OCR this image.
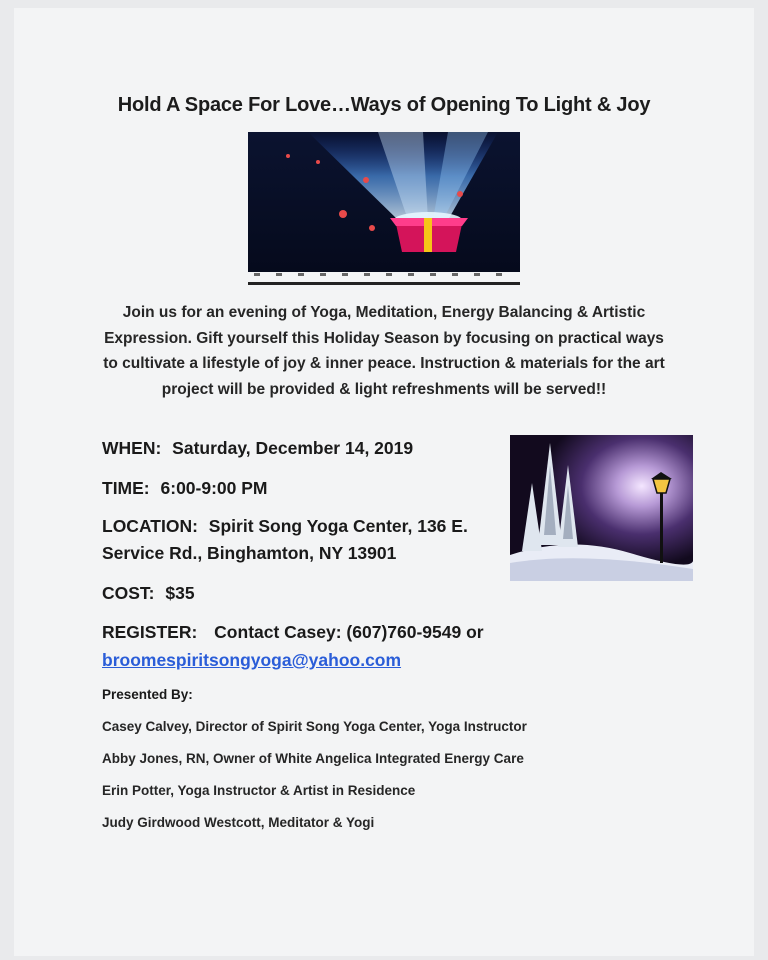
Hold A Space For Love…Ways of Opening To Light & Joy
Join us for an evening of Yoga, Meditation, Energy Balancing & Artistic Expression. Gift yourself this Holiday Season by focusing on practical ways to cultivate a lifestyle of joy & inner peace. Instruction & materials for the art project will be provided & light refreshments will be served!!
WHEN: Saturday, December 14, 2019
TIME: 6:00-9:00 PM
LOCATION: Spirit Song Yoga Center, 136 E.
Service Rd., Binghamton, NY 13901
COST: $35
REGISTER: Contact Casey: (607)760-9549 or
broomespiritsongyoga@yahoo.com
Presented By:
Casey Calvey, Director of Spirit Song Yoga Center, Yoga Instructor
Abby Jones, RN, Owner of White Angelica Integrated Energy Care
Erin Potter, Yoga Instructor & Artist in Residence
Judy Girdwood Westcott, Meditator & Yogi
